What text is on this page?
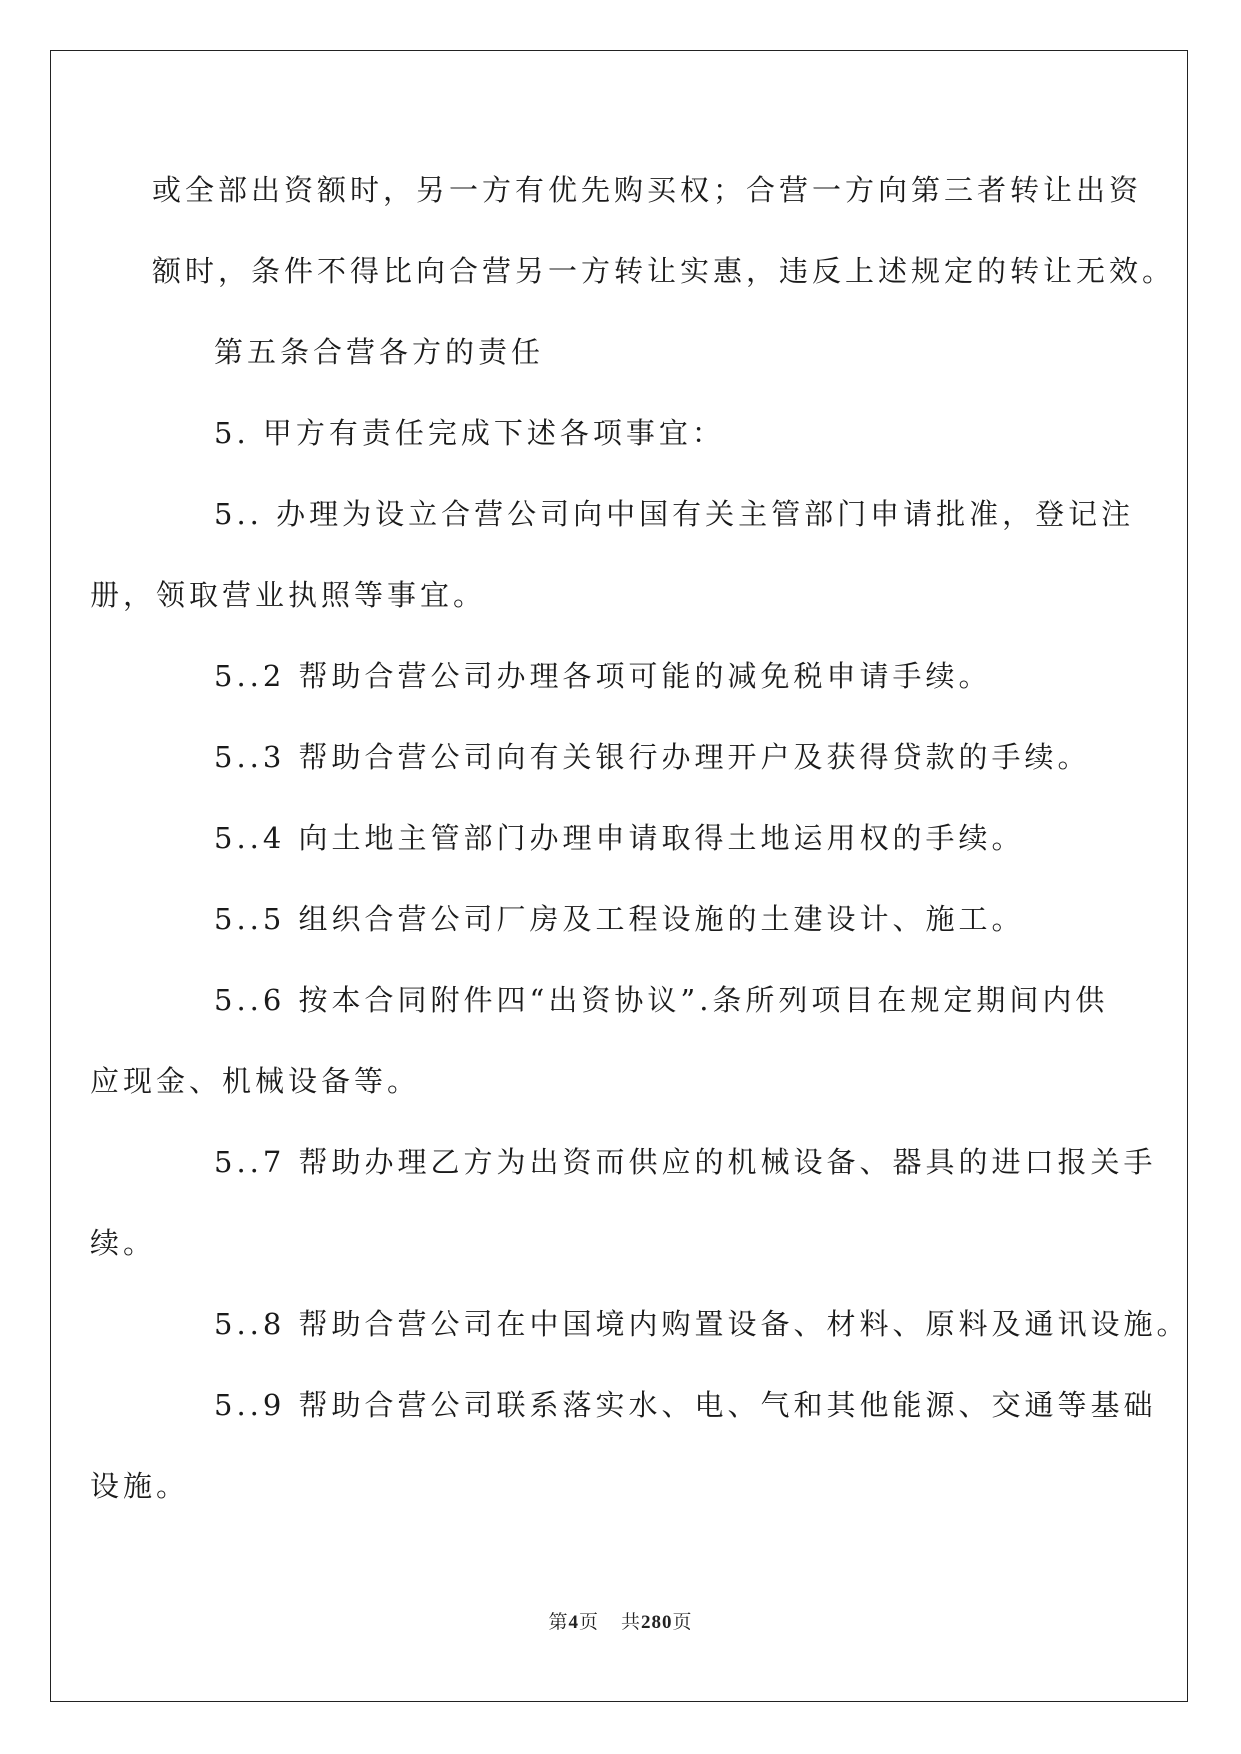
或全部出资额时，另一方有优先购买权；合营一方向第三者转让出资
额时，条件不得比向合营另一方转让实惠，违反上述规定的转让无效。

第五条合营各方的责任

5. 甲方有责任完成下述各项事宜：

5.. 办理为设立合营公司向中国有关主管部门申请批准，登记注
册，领取营业执照等事宜。

5..2 帮助合营公司办理各项可能的减免税申请手续。

5..3 帮助合营公司向有关银行办理开户及获得贷款的手续。

5..4 向土地主管部门办理申请取得土地运用权的手续。

5..5 组织合营公司厂房及工程设施的土建设计、施工。

5..6 按本合同附件四“出资协议”.条所列项目在规定期间内供
应现金、机械设备等。

5..7 帮助办理乙方为出资而供应的机械设备、器具的进口报关手
续。

5..8 帮助合营公司在中国境内购置设备、材料、原料及通讯设施。

5..9 帮助合营公司联系落实水、电、气和其他能源、交通等基础
设施。

第4页 共280页
